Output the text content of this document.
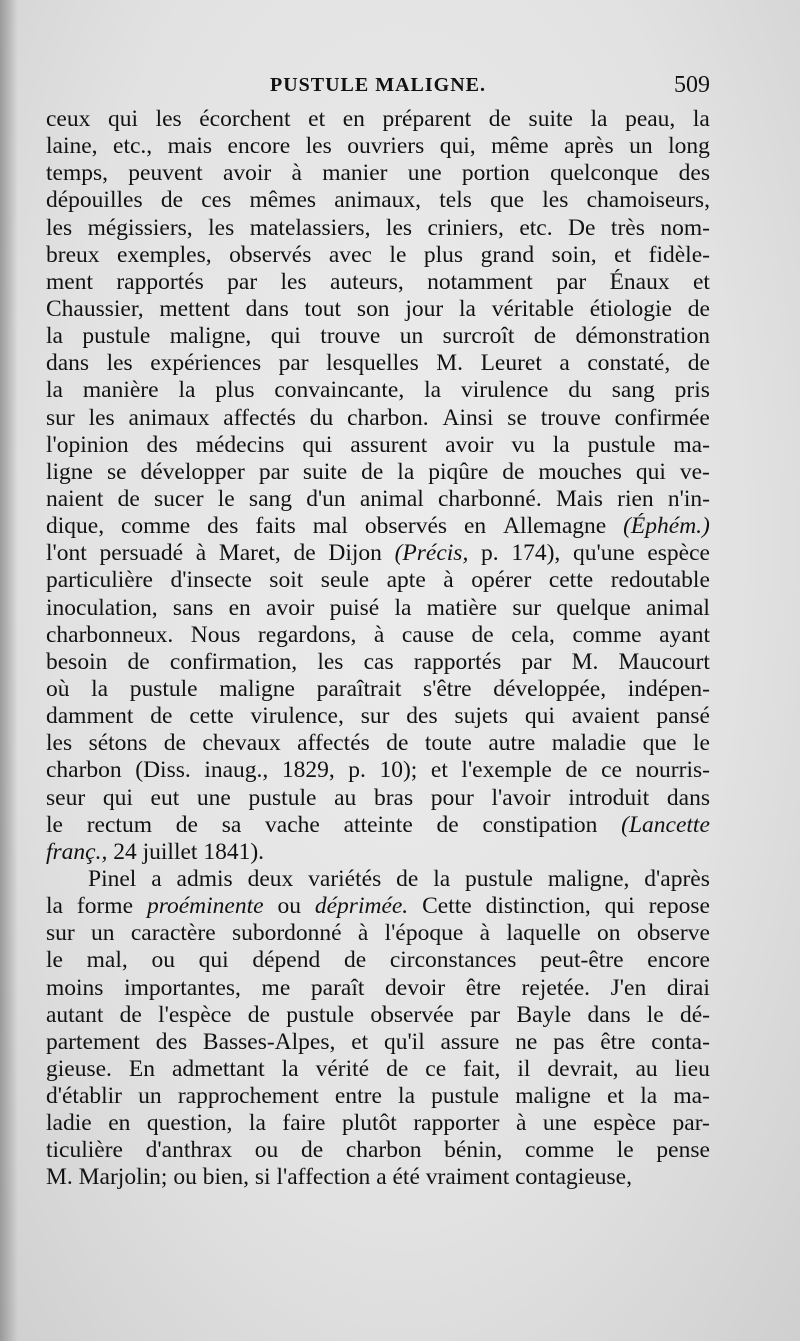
PUSTULE MALIGNE.	509
ceux qui les écorchent et en préparent de suite la peau, la
laine, etc., mais encore les ouvriers qui, même après un long
temps, peuvent avoir à manier une portion quelconque des
dépouilles de ces mêmes animaux, tels que les chamoiseurs,
les mégissiers, les matelassiers, les criniers, etc. De très nom-
breux exemples, observés avec le plus grand soin, et fidèle-
ment rapportés par les auteurs, notamment par Énaux et
Chaussier, mettent dans tout son jour la véritable étiologie de
la pustule maligne, qui trouve un surcroît de démonstration
dans les expériences par lesquelles M. Leuret a constaté, de
la manière la plus convaincante, la virulence du sang pris
sur les animaux affectés du charbon. Ainsi se trouve confirmée
l'opinion des médecins qui assurent avoir vu la pustule ma-
ligne se développer par suite de la piqûre de mouches qui ve-
naient de sucer le sang d'un animal charbonné. Mais rien n'in-
dique, comme des faits mal observés en Allemagne (Éphém.)
l'ont persuadé à Maret, de Dijon (Précis, p. 174), qu'une espèce
particulière d'insecte soit seule apte à opérer cette redoutable
inoculation, sans en avoir puisé la matière sur quelque animal
charbonneux. Nous regardons, à cause de cela, comme ayant
besoin de confirmation, les cas rapportés par M. Maucourt
où la pustule maligne paraîtrait s'être développée, indépen-
damment de cette virulence, sur des sujets qui avaient pansé
les sétons de chevaux affectés de toute autre maladie que le
charbon (Diss. inaug., 1829, p. 10); et l'exemple de ce nourris-
seur qui eut une pustule au bras pour l'avoir introduit dans
le rectum de sa vache atteinte de constipation (Lancette
franç., 24 juillet 1841).
Pinel a admis deux variétés de la pustule maligne, d'après
la forme proéminente ou déprimée. Cette distinction, qui repose
sur un caractère subordonné à l'époque à laquelle on observe
le mal, ou qui dépend de circonstances peut-être encore
moins importantes, me paraît devoir être rejetée. J'en dirai
autant de l'espèce de pustule observée par Bayle dans le dé-
partement des Basses-Alpes, et qu'il assure ne pas être conta-
gieuse. En admettant la vérité de ce fait, il devrait, au lieu
d'établir un rapprochement entre la pustule maligne et la ma-
ladie en question, la faire plutôt rapporter à une espèce par-
ticulière d'anthrax ou de charbon bénin, comme le pense
M. Marjolin; ou bien, si l'affection a été vraiment contagieuse,
